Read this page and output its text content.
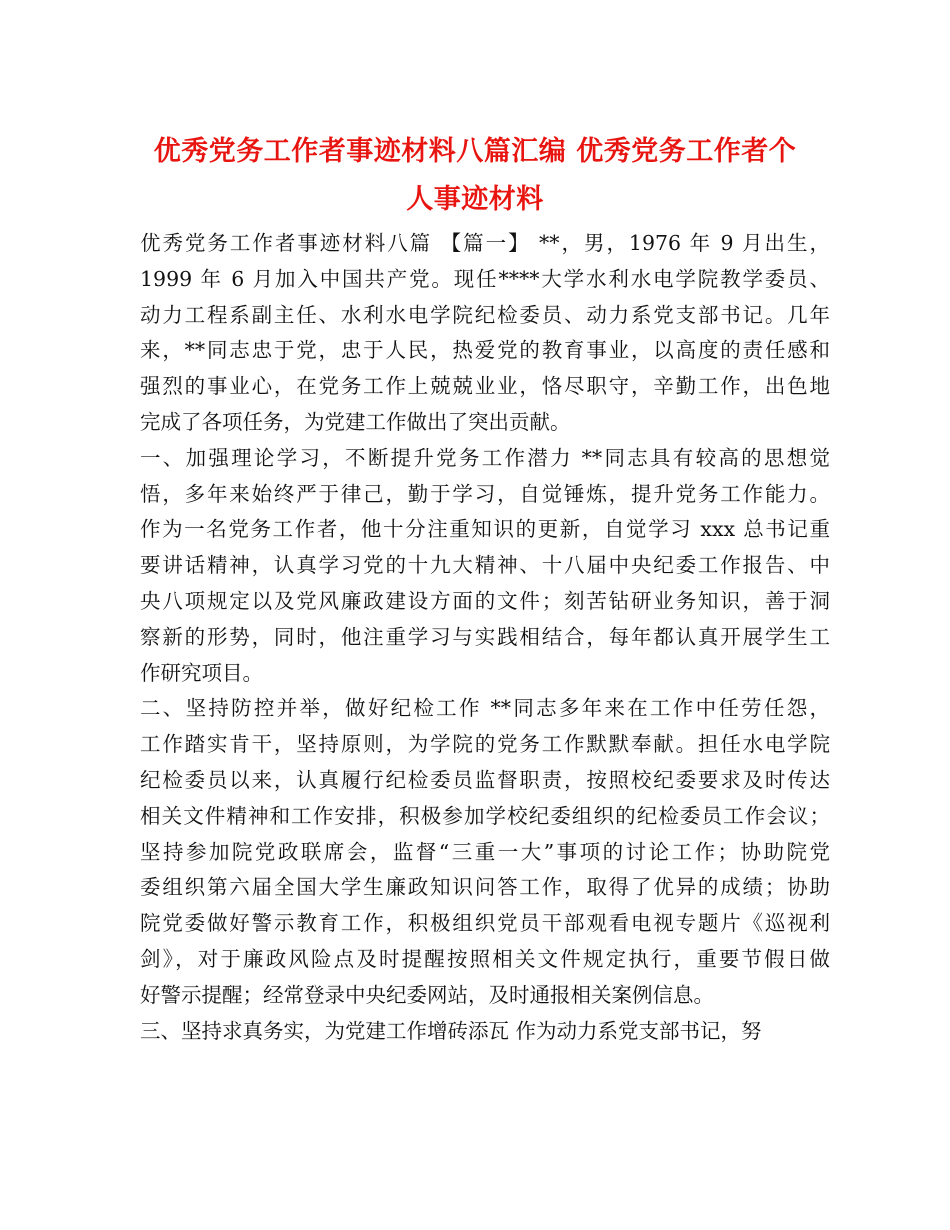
优秀党务工作者事迹材料八篇汇编 优秀党务工作者个
人事迹材料
优秀党务工作者事迹材料八篇 【篇一】 **，男，1976 年 9 月出生，
1999 年 6 月加入中国共产党。现任****大学水利水电学院教学委员、
动力工程系副主任、水利水电学院纪检委员、动力系党支部书记。几年
来，**同志忠于党，忠于人民，热爱党的教育事业，以高度的责任感和
强烈的事业心，在党务工作上兢兢业业，恪尽职守，辛勤工作，出色地
完成了各项任务，为党建工作做出了突出贡献。
一、加强理论学习，不断提升党务工作潜力 **同志具有较高的思想觉
悟，多年来始终严于律己，勤于学习，自觉锤炼，提升党务工作能力。
作为一名党务工作者，他十分注重知识的更新，自觉学习 xxx 总书记重
要讲话精神，认真学习党的十九大精神、十八届中央纪委工作报告、中
央八项规定以及党风廉政建设方面的文件；刻苦钻研业务知识，善于洞
察新的形势，同时，他注重学习与实践相结合，每年都认真开展学生工
作研究项目。
二、坚持防控并举，做好纪检工作 **同志多年来在工作中任劳任怨，
工作踏实肯干，坚持原则，为学院的党务工作默默奉献。担任水电学院
纪检委员以来，认真履行纪检委员监督职责，按照校纪委要求及时传达
相关文件精神和工作安排，积极参加学校纪委组织的纪检委员工作会议；
坚持参加院党政联席会，监督“三重一大”事项的讨论工作；协助院党
委组织第六届全国大学生廉政知识问答工作，取得了优异的成绩；协助
院党委做好警示教育工作，积极组织党员干部观看电视专题片《巡视利
剑》，对于廉政风险点及时提醒按照相关文件规定执行，重要节假日做
好警示提醒；经常登录中央纪委网站，及时通报相关案例信息。
三、坚持求真务实，为党建工作增砖添瓦 作为动力系党支部书记，努
